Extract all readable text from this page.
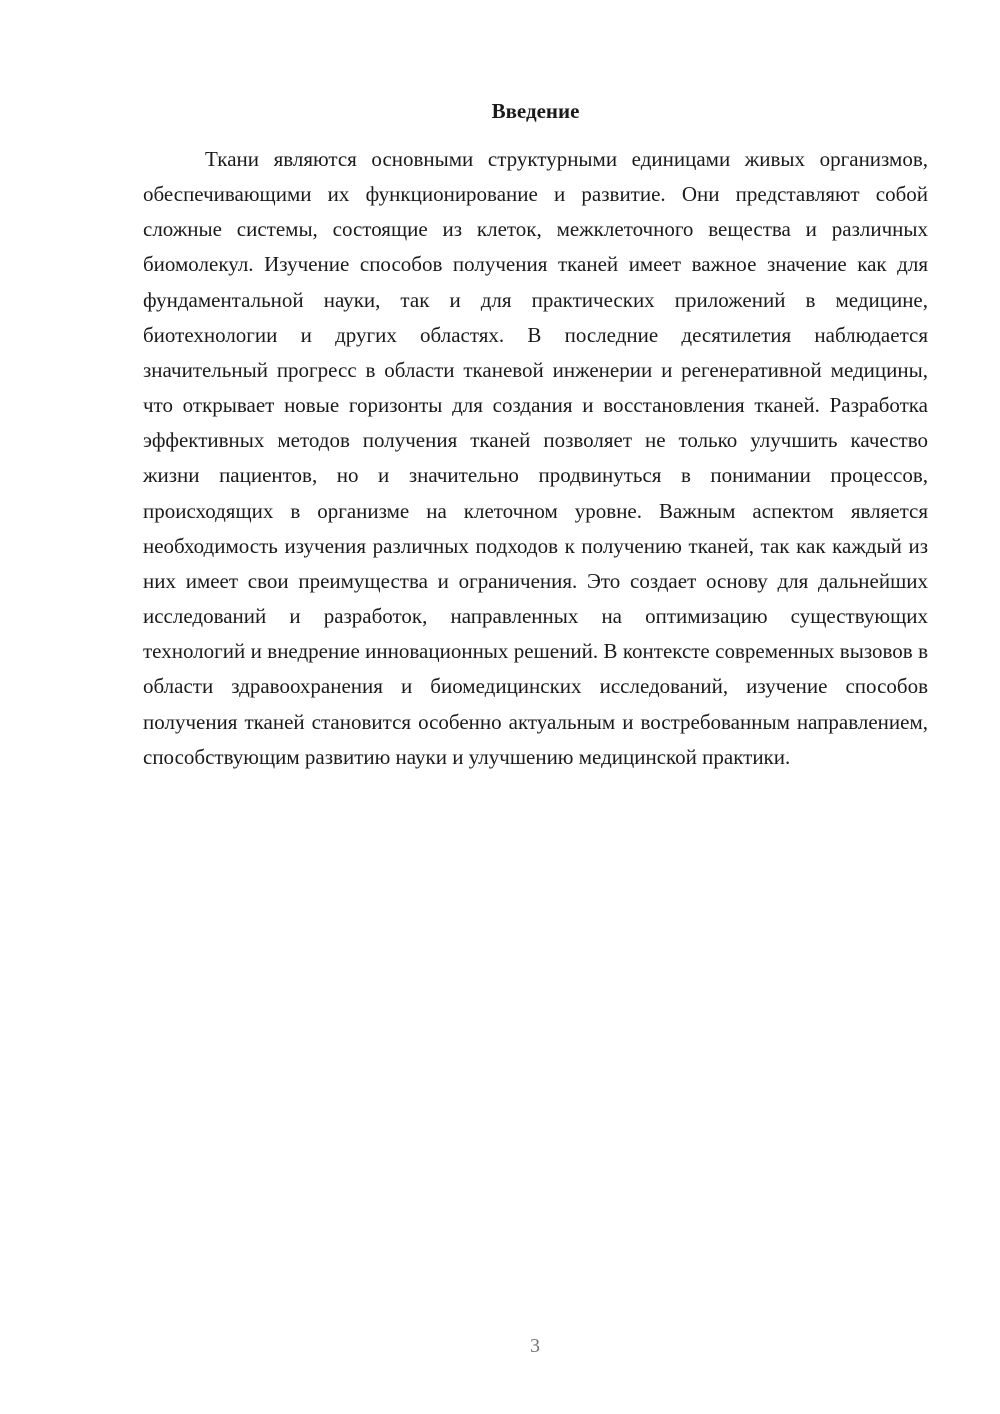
Введение

Ткани являются основными структурными единицами живых организмов, обеспечивающими их функционирование и развитие. Они представляют собой сложные системы, состоящие из клеток, межклеточного вещества и различных биомолекул. Изучение способов получения тканей имеет важное значение как для фундаментальной науки, так и для практических приложений в медицине, биотехнологии и других областях. В последние десятилетия наблюдается значительный прогресс в области тканевой инженерии и регенеративной медицины, что открывает новые горизонты для создания и восстановления тканей. Разработка эффективных методов получения тканей позволяет не только улучшить качество жизни пациентов, но и значительно продвинуться в понимании процессов, происходящих в организме на клеточном уровне. Важным аспектом является необходимость изучения различных подходов к получению тканей, так как каждый из них имеет свои преимущества и ограничения. Это создает основу для дальнейших исследований и разработок, направленных на оптимизацию существующих технологий и внедрение инновационных решений. В контексте современных вызовов в области здравоохранения и биомедицинских исследований, изучение способов получения тканей становится особенно актуальным и востребованным направлением, способствующим развитию науки и улучшению медицинской практики.

3
